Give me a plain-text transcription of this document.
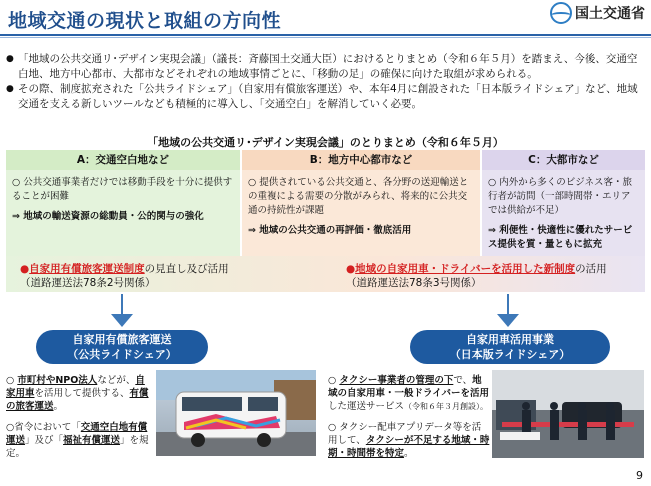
地域交通の現状と取組の方向性	国土交通省
● 「地域の公共交通リ･デザイン実現会議」（議長：斉藤国土交通大臣）におけるとりまとめ（令和６年５月）を踏まえ、今後、交通空白地、地方中心都市、大都市などそれぞれの地域事情ごとに、「移動の足」の確保に向けた取組が求められる。
● その際、制度拡充された「公共ライドシェア」（自家用有償旅客運送）や、本年4月に創設された「日本版ライドシェア」など、地域交通を支える新しいツールなども積極的に導入し、「交通空白」を解消していく必要。
「地域の公共交通リ･デザイン実現会議」のとりまとめ（令和６年５月）
A：交通空白地など
○ 公共交通事業者だけでは移動手段を十分に提供することが困難
⇒ 地域の輸送資源の総動員・公的関与の強化
B：地方中心都市など
○ 提供されている公共交通と、各分野の送迎輸送との重複による需要の分散がみられ、将来的に公共交通の持続性が課題
⇒ 地域の公共交通の再評価・徹底活用
C：大都市など
○ 内外から多くのビジネス客・旅行者が訪問（一部時間帯・エリアでは供給が不足）
⇒ 利便性・快適性に優れたサービス提供を質・量ともに拡充
●自家用有償旅客運送制度の見直し及び活用
（道路運送法78条2号関係）
●地域の自家用車・ドライバーを活用した新制度の活用
（道路運送法78条3号関係）
自家用有償旅客運送
（公共ライドシェア）
自家用車活用事業
（日本版ライドシェア）

○ 市町村やNPO法人などが、自家用車を活用して提供する、有償の旅客運送。

○省令において「交通空白地有償運送」及び「福祉有償運送」を規定。

○ タクシー事業者の管理の下で、地域の自家用車・一般ドライバーを活用した運送サービス（令和６年３月創設）。

○ タクシー配車アプリデータ等を活用して、タクシーが不足する地域・時期・時間帯を特定。

9
